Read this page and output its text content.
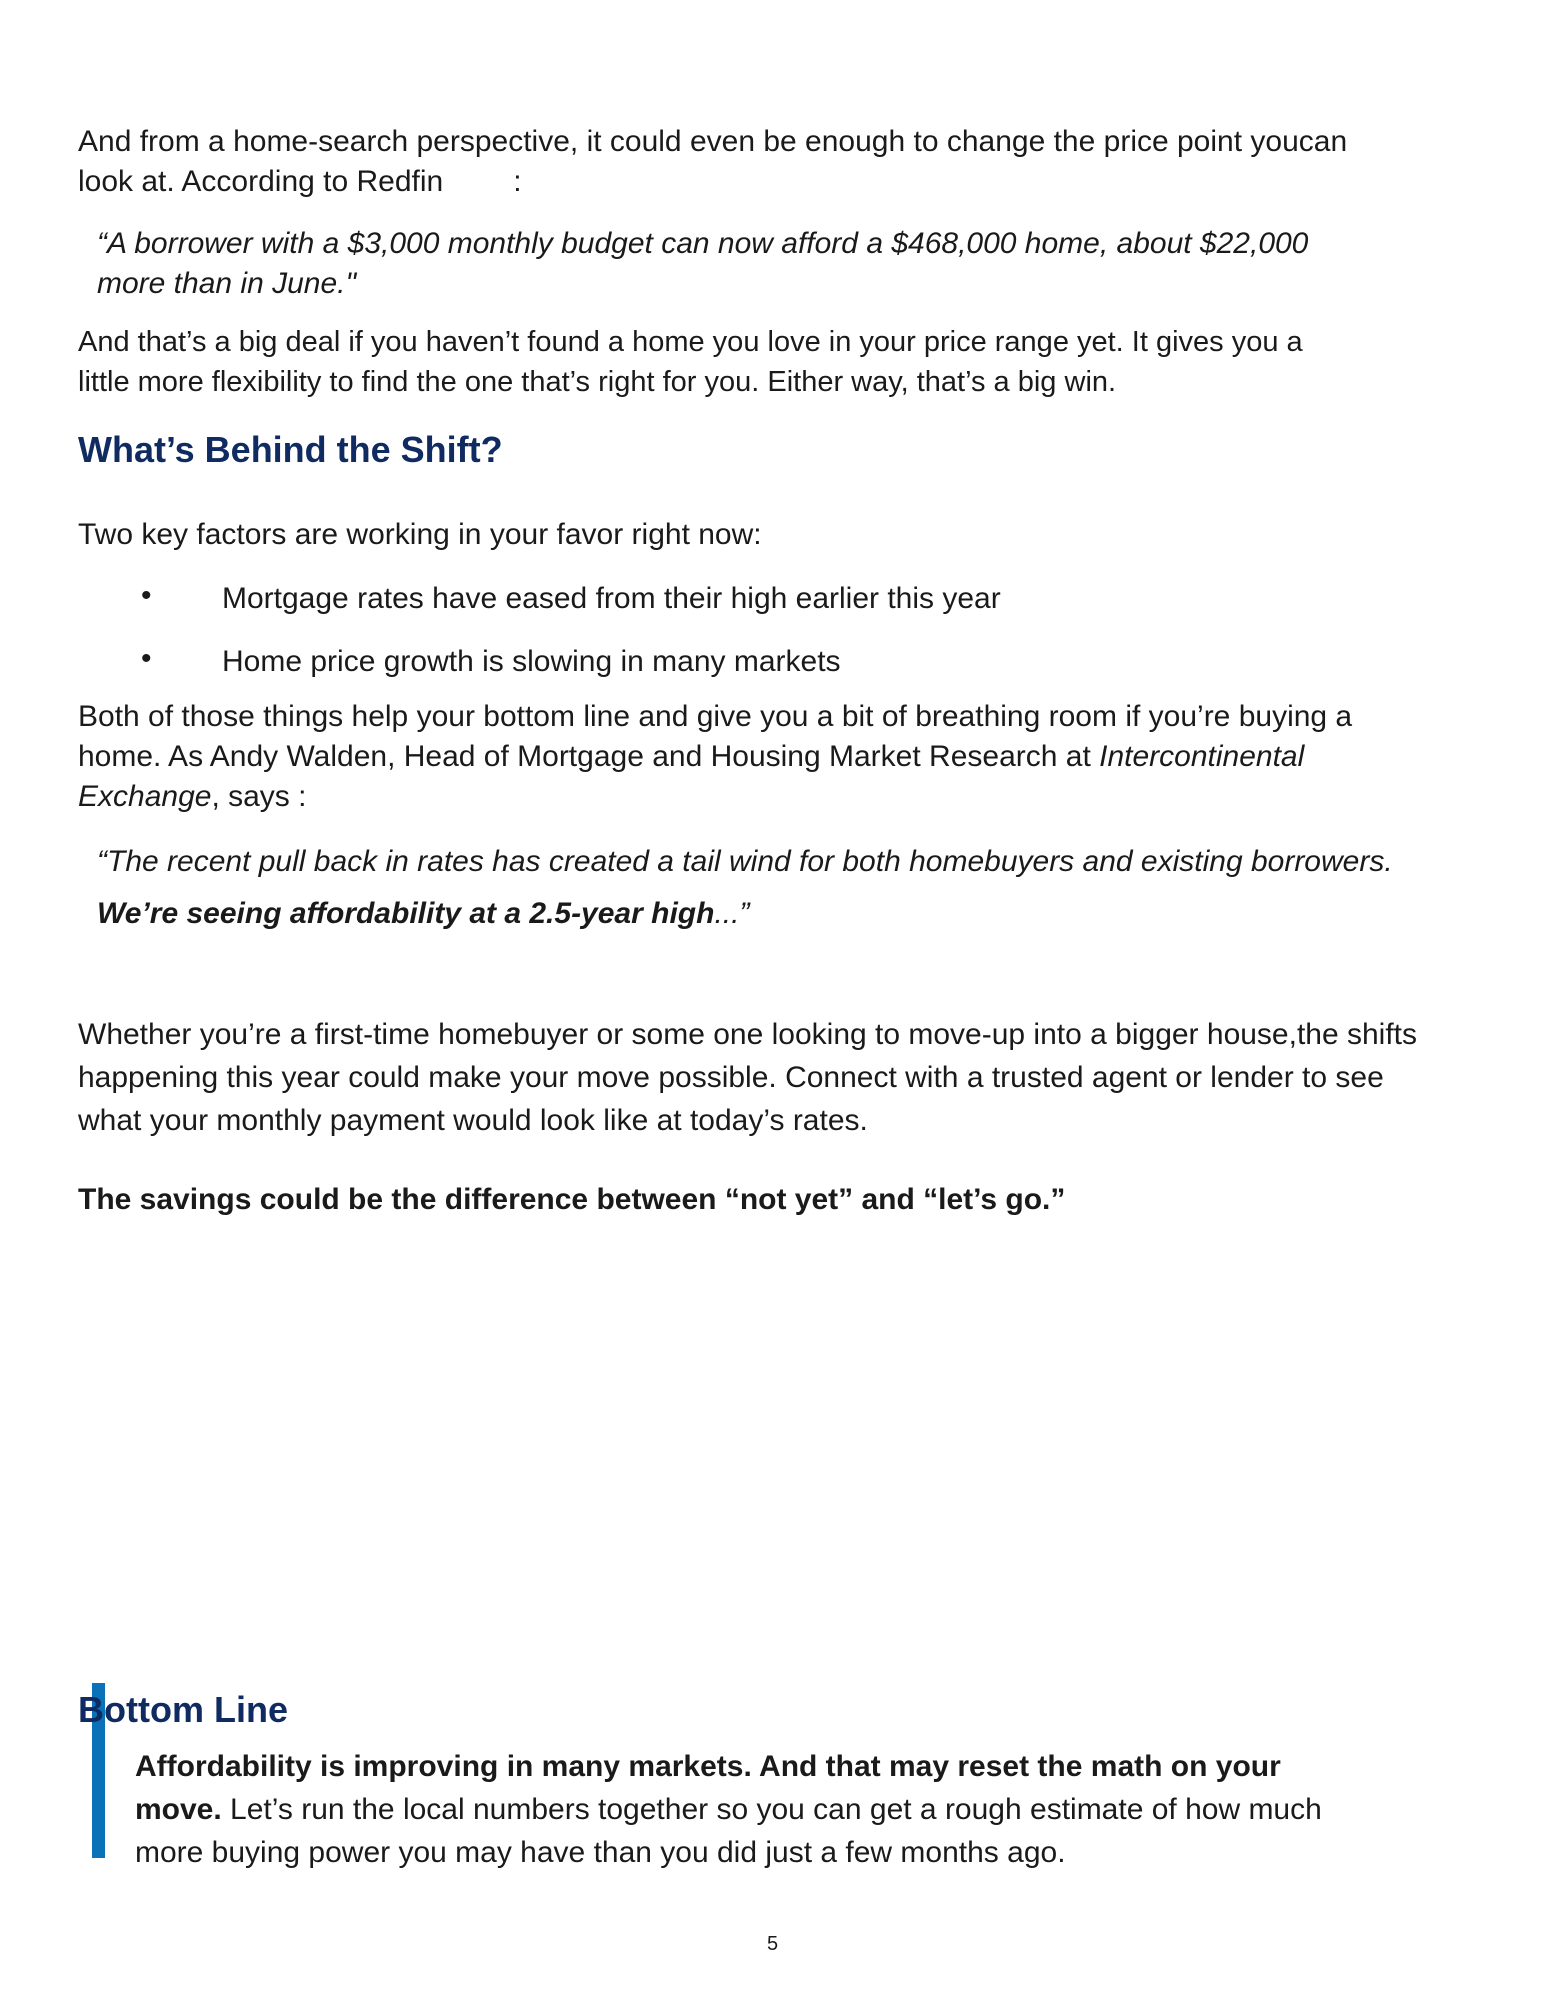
And from a home-search perspective, it could even be enough to change the price point youcan
look at. According to Redfin :

“A borrower with a $3,000 monthly budget can now afford a $468,000 home, about $22,000
more than in June."

And that’s a big deal if you haven’t found a home you love in your price range yet. It gives you a
little more flexibility to find the one that’s right for you. Either way, that’s a big win.

What’s Behind the Shift?

Two key factors are working in your favor right now:

• Mortgage rates have eased from their high earlier this year

• Home price growth is slowing in many markets

Both of those things help your bottom line and give you a bit of breathing room if you’re buying a
home. As Andy Walden, Head of Mortgage and Housing Market Research at Intercontinental
Exchange, says :

“The recent pull back in rates has created a tail wind for both homebuyers and existing borrowers.
We’re seeing affordability at a 2.5-year high...”

Whether you’re a first-time homebuyer or some one looking to move-up into a bigger house,the shifts
happening this year could make your move possible. Connect with a trusted agent or lender to see
what your monthly payment would look like at today’s rates.

The savings could be the difference between “not yet” and “let’s go.”

Bottom Line

Affordability is improving in many markets. And that may reset the math on your
move. Let’s run the local numbers together so you can get a rough estimate of how much
more buying power you may have than you did just a few months ago.

5
